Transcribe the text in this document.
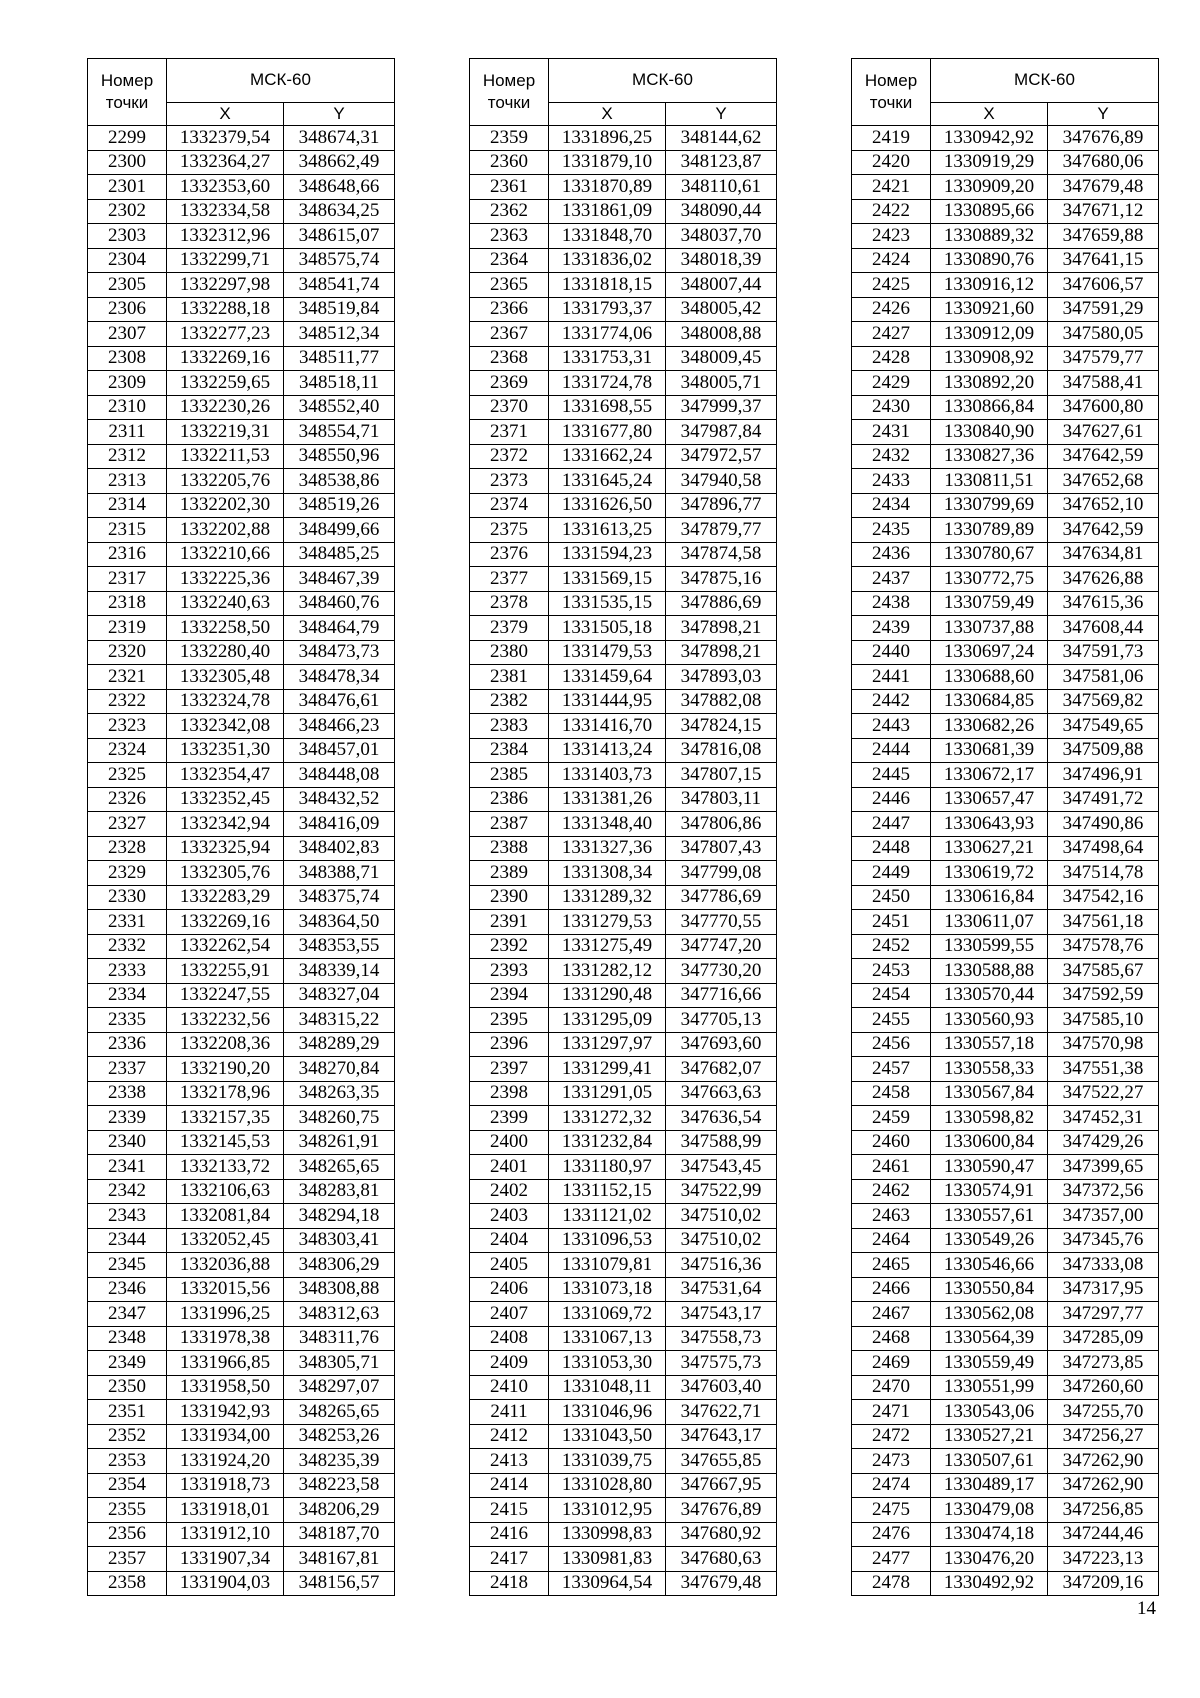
Номер точки	МСК-60	
	X	Y
2299	1332379,54	348674,31
2300	1332364,27	348662,49
2301	1332353,60	348648,66
2302	1332334,58	348634,25
2303	1332312,96	348615,07
2304	1332299,71	348575,74
2305	1332297,98	348541,74
2306	1332288,18	348519,84
2307	1332277,23	348512,34
2308	1332269,16	348511,77
2309	1332259,65	348518,11
2310	1332230,26	348552,40
2311	1332219,31	348554,71
2312	1332211,53	348550,96
2313	1332205,76	348538,86
2314	1332202,30	348519,26
2315	1332202,88	348499,66
2316	1332210,66	348485,25
2317	1332225,36	348467,39
2318	1332240,63	348460,76
2319	1332258,50	348464,79
2320	1332280,40	348473,73
2321	1332305,48	348478,34
2322	1332324,78	348476,61
2323	1332342,08	348466,23
2324	1332351,30	348457,01
2325	1332354,47	348448,08
2326	1332352,45	348432,52
2327	1332342,94	348416,09
2328	1332325,94	348402,83
2329	1332305,76	348388,71
2330	1332283,29	348375,74
2331	1332269,16	348364,50
2332	1332262,54	348353,55
2333	1332255,91	348339,14
2334	1332247,55	348327,04
2335	1332232,56	348315,22
2336	1332208,36	348289,29
2337	1332190,20	348270,84
2338	1332178,96	348263,35
2339	1332157,35	348260,75
2340	1332145,53	348261,91
2341	1332133,72	348265,65
2342	1332106,63	348283,81
2343	1332081,84	348294,18
2344	1332052,45	348303,41
2345	1332036,88	348306,29
2346	1332015,56	348308,88
2347	1331996,25	348312,63
2348	1331978,38	348311,76
2349	1331966,85	348305,71
2350	1331958,50	348297,07
2351	1331942,93	348265,65
2352	1331934,00	348253,26
2353	1331924,20	348235,39
2354	1331918,73	348223,58
2355	1331918,01	348206,29
2356	1331912,10	348187,70
2357	1331907,34	348167,81
2358	1331904,03	348156,57
Номер точки	МСК-60	
	X	Y
2359	1331896,25	348144,62
2360	1331879,10	348123,87
2361	1331870,89	348110,61
2362	1331861,09	348090,44
2363	1331848,70	348037,70
2364	1331836,02	348018,39
2365	1331818,15	348007,44
2366	1331793,37	348005,42
2367	1331774,06	348008,88
2368	1331753,31	348009,45
2369	1331724,78	348005,71
2370	1331698,55	347999,37
2371	1331677,80	347987,84
2372	1331662,24	347972,57
2373	1331645,24	347940,58
2374	1331626,50	347896,77
2375	1331613,25	347879,77
2376	1331594,23	347874,58
2377	1331569,15	347875,16
2378	1331535,15	347886,69
2379	1331505,18	347898,21
2380	1331479,53	347898,21
2381	1331459,64	347893,03
2382	1331444,95	347882,08
2383	1331416,70	347824,15
2384	1331413,24	347816,08
2385	1331403,73	347807,15
2386	1331381,26	347803,11
2387	1331348,40	347806,86
2388	1331327,36	347807,43
2389	1331308,34	347799,08
2390	1331289,32	347786,69
2391	1331279,53	347770,55
2392	1331275,49	347747,20
2393	1331282,12	347730,20
2394	1331290,48	347716,66
2395	1331295,09	347705,13
2396	1331297,97	347693,60
2397	1331299,41	347682,07
2398	1331291,05	347663,63
2399	1331272,32	347636,54
2400	1331232,84	347588,99
2401	1331180,97	347543,45
2402	1331152,15	347522,99
2403	1331121,02	347510,02
2404	1331096,53	347510,02
2405	1331079,81	347516,36
2406	1331073,18	347531,64
2407	1331069,72	347543,17
2408	1331067,13	347558,73
2409	1331053,30	347575,73
2410	1331048,11	347603,40
2411	1331046,96	347622,71
2412	1331043,50	347643,17
2413	1331039,75	347655,85
2414	1331028,80	347667,95
2415	1331012,95	347676,89
2416	1330998,83	347680,92
2417	1330981,83	347680,63
2418	1330964,54	347679,48
Номер точки	МСК-60	
	X	Y
2419	1330942,92	347676,89
2420	1330919,29	347680,06
2421	1330909,20	347679,48
2422	1330895,66	347671,12
2423	1330889,32	347659,88
2424	1330890,76	347641,15
2425	1330916,12	347606,57
2426	1330921,60	347591,29
2427	1330912,09	347580,05
2428	1330908,92	347579,77
2429	1330892,20	347588,41
2430	1330866,84	347600,80
2431	1330840,90	347627,61
2432	1330827,36	347642,59
2433	1330811,51	347652,68
2434	1330799,69	347652,10
2435	1330789,89	347642,59
2436	1330780,67	347634,81
2437	1330772,75	347626,88
2438	1330759,49	347615,36
2439	1330737,88	347608,44
2440	1330697,24	347591,73
2441	1330688,60	347581,06
2442	1330684,85	347569,82
2443	1330682,26	347549,65
2444	1330681,39	347509,88
2445	1330672,17	347496,91
2446	1330657,47	347491,72
2447	1330643,93	347490,86
2448	1330627,21	347498,64
2449	1330619,72	347514,78
2450	1330616,84	347542,16
2451	1330611,07	347561,18
2452	1330599,55	347578,76
2453	1330588,88	347585,67
2454	1330570,44	347592,59
2455	1330560,93	347585,10
2456	1330557,18	347570,98
2457	1330558,33	347551,38
2458	1330567,84	347522,27
2459	1330598,82	347452,31
2460	1330600,84	347429,26
2461	1330590,47	347399,65
2462	1330574,91	347372,56
2463	1330557,61	347357,00
2464	1330549,26	347345,76
2465	1330546,66	347333,08
2466	1330550,84	347317,95
2467	1330562,08	347297,77
2468	1330564,39	347285,09
2469	1330559,49	347273,85
2470	1330551,99	347260,60
2471	1330543,06	347255,70
2472	1330527,21	347256,27
2473	1330507,61	347262,90
2474	1330489,17	347262,90
2475	1330479,08	347256,85
2476	1330474,18	347244,46
2477	1330476,20	347223,13
2478	1330492,92	347209,16
14
